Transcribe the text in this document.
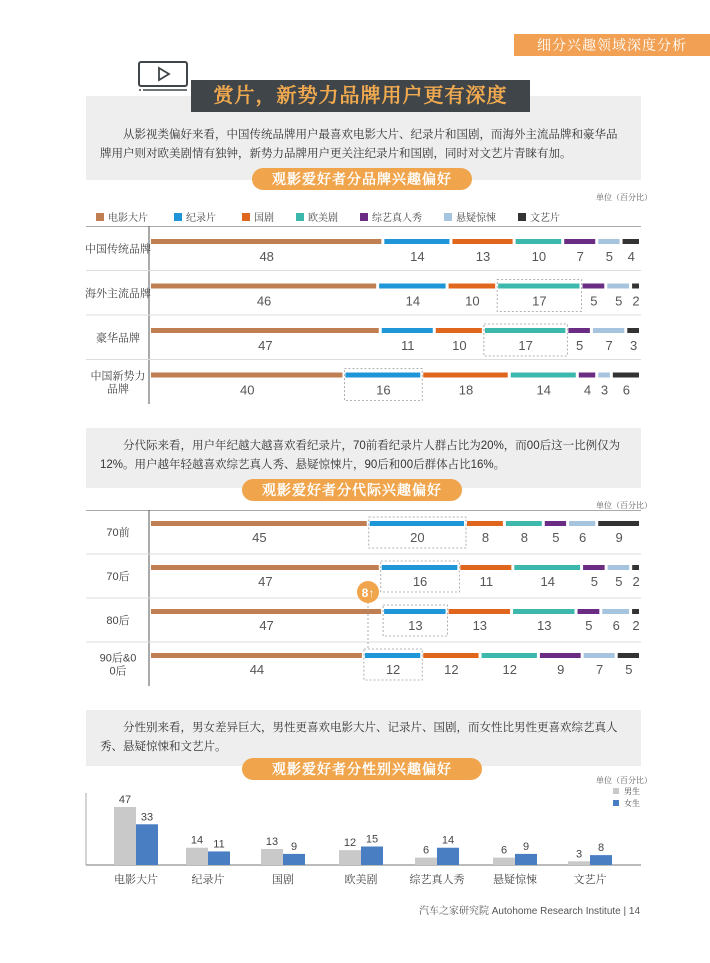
细分兴趣领域深度分析
赏片，新势力品牌用户更有深度
从影视类偏好来看，中国传统品牌用户最喜欢电影大片、纪录片和国剧，而海外主流品牌和豪华品牌用户则对欧美剧情有独钟，新势力品牌用户更关注纪录片和国剧，同时对文艺片青睐有加。
观影爱好者分品牌兴趣偏好
单位（百分比）
电影大片	纪录片	国剧	欧美剧	综艺真人秀	悬疑惊悚	文艺片
中国传统品牌	48	14	13	10 7 5 4
海外主流品牌	46	14	10	17	5 5 2
豪华品牌	47	11	10	17	5 7 3
中国新势力
品牌	40	16	18	14	4 3 6
分代际来看，用户年纪越大越喜欢看纪录片，70前看纪录片人群占比为20%，而00后这一比例仅为12%。用户越年轻越喜欢综艺真人秀、悬疑惊悚片，90后和00后群体占比16%。
观影爱好者分代际兴趣偏好
单位（百分比）
70前	45	20	8 8 5 6 9
70后	47	16	11	14	5 5 2
80后	47	13	13	13	5 6 2
90后&0
0后	44	12	12	12	9 7 5
8↑
分性别来看，男女差异巨大，男性更喜欢电影大片、记录片、国剧，而女性比男性更喜欢综艺真人秀、悬疑惊悚和文艺片。
观影爱好者分性别兴趣偏好
单位（百分比）
47
33
电影大片
14 11
纪录片
13 9
国剧
12 15
欧美剧
6
14
综艺真人秀
6 9
悬疑惊悚
3
8
文艺片
男生
女生
汽车之家研究院 Autohome Research Institute | 14
